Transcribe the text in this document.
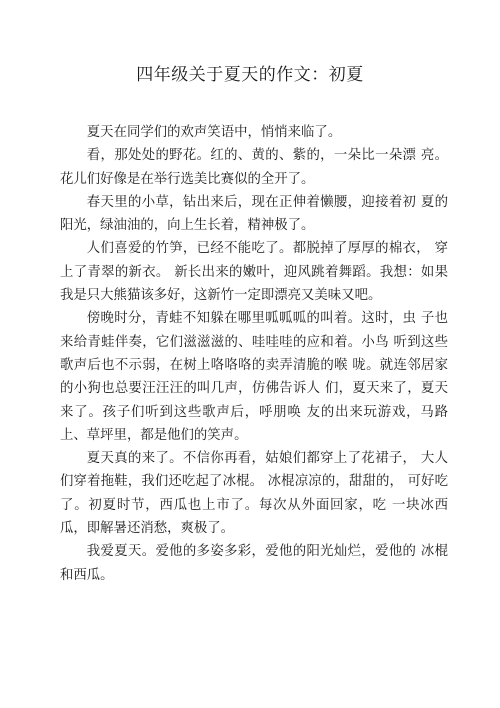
四年级关于夏天的作文：初夏

夏天在同学们的欢声笑语中，悄悄来临了。

看，那处处的野花。红的、黄的、紫的，一朵比一朵漂 亮。花儿们好像是在举行选美比赛似的全开了。

春天里的小草，钻出来后，现在正伸着懒腰，迎接着初 夏的阳光，绿油油的，向上生长着，精神极了。

人们喜爱的竹笋，已经不能吃了。都脱掉了厚厚的棉衣， 穿上了青翠的新衣。 新长出来的嫩叶，迎风跳着舞蹈。我想：如果我是只大熊猫该多好，这新竹一定即漂亮又美味又吧。

傍晚时分，青蛙不知躲在哪里呱呱呱的叫着。这时，虫 子也来给青蛙伴奏，它们滋滋滋的、哇哇哇的应和着。小鸟 听到这些歌声后也不示弱，在树上咯咯咯的卖弄清脆的喉 咙。就连邻居家的小狗也总要汪汪汪的叫几声，仿佛告诉人 们，夏天来了，夏天来了。孩子们听到这些歌声后，呼朋唤 友的出来玩游戏，马路上、草坪里，都是他们的笑声。

夏天真的来了。不信你再看，姑娘们都穿上了花裙子， 大人们穿着拖鞋，我们还吃起了冰棍。 冰棍凉凉的，甜甜的， 可好吃了。初夏时节，西瓜也上市了。每次从外面回家，吃 一块冰西瓜，即解暑还消愁，爽极了。

我爱夏天。爱他的多姿多彩，爱他的阳光灿烂，爱他的 冰棍和西瓜。
